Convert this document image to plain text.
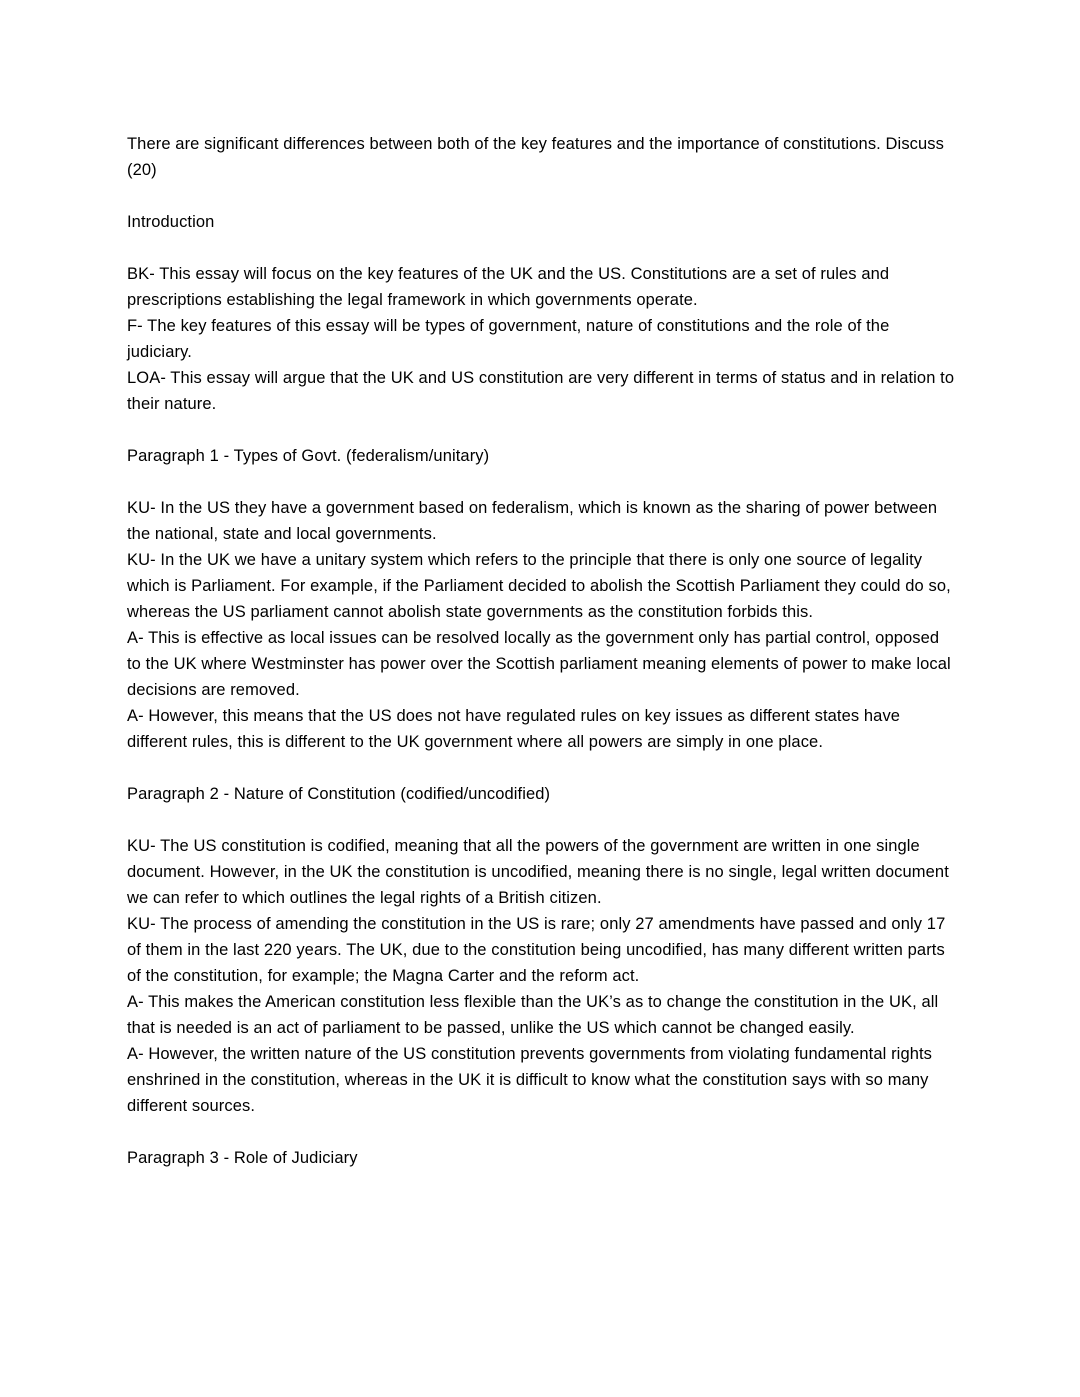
There are significant differences between both of the key features and the importance of constitutions. Discuss (20)

Introduction

BK- This essay will focus on the key features of the UK and the US. Constitutions are a set of rules and prescriptions establishing the legal framework in which governments operate.

F- The key features of this essay will be types of government, nature of constitutions and the role of the judiciary.

LOA- This essay will argue that the UK and US constitution are very different in terms of status and in relation to their nature.

Paragraph 1 - Types of Govt. (federalism/unitary)

KU- In the US they have a government based on federalism, which is known as the sharing of power between the national, state and local governments.

KU- In the UK we have a unitary system which refers to the principle that there is only one source of legality which is Parliament. For example, if the Parliament decided to abolish the Scottish Parliament they could do so, whereas the US parliament cannot abolish state governments as the constitution forbids this.

A- This is effective as local issues can be resolved locally as the government only has partial control, opposed to the UK where Westminster has power over the Scottish parliament meaning elements of power to make local decisions are removed.

A- However, this means that the US does not have regulated rules on key issues as different states have different rules, this is different to the UK government where all powers are simply in one place.

Paragraph 2 - Nature of Constitution (codified/uncodified)

KU- The US constitution is codified, meaning that all the powers of the government are written in one single document. However, in the UK the constitution is uncodified, meaning there is no single, legal written document we can refer to which outlines the legal rights of a British citizen.

KU- The process of amending the constitution in the US is rare; only 27 amendments have passed and only 17 of them in the last 220 years. The UK, due to the constitution being uncodified, has many different written parts of the constitution, for example; the Magna Carter and the reform act.

A- This makes the American constitution less flexible than the UK’s as to change the constitution in the UK, all that is needed is an act of parliament to be passed, unlike the US which cannot be changed easily.

A- However, the written nature of the US constitution prevents governments from violating fundamental rights enshrined in the constitution, whereas in the UK it is difficult to know what the constitution says with so many different sources.

Paragraph 3 - Role of Judiciary
